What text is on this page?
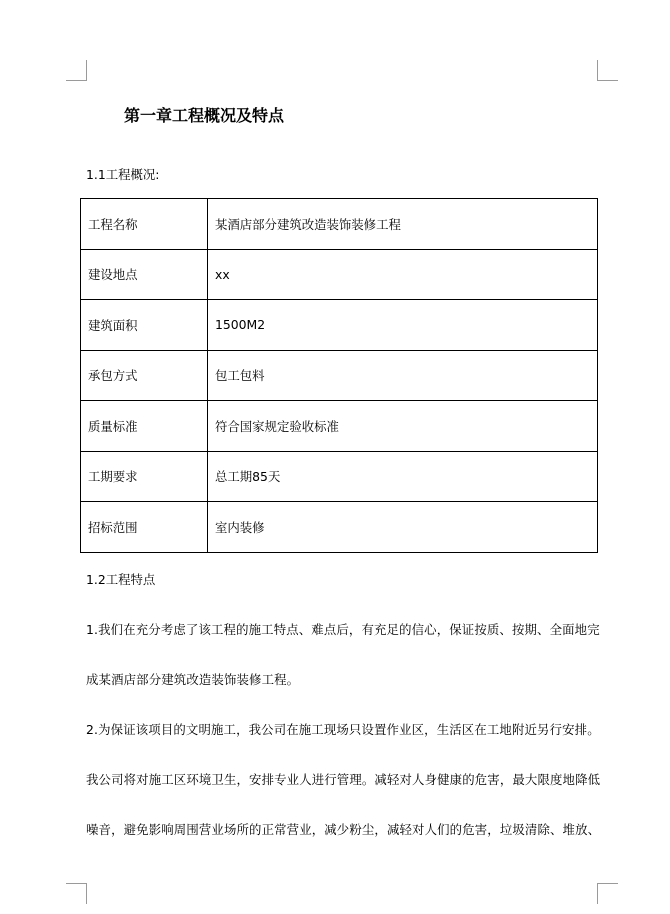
第一章工程概况及特点
1.1工程概况:
工程名称	某酒店部分建筑改造装饰装修工程
建设地点	xx
建筑面积	1500M2
承包方式	包工包料
质量标准	符合国家规定验收标准
工期要求	总工期85天
招标范围	室内装修
1.2工程特点
1.我们在充分考虑了该工程的施工特点、难点后，有充足的信心，保证按质、按期、全面地完
成某酒店部分建筑改造装饰装修工程。
2.为保证该项目的文明施工，我公司在施工现场只设置作业区，生活区在工地附近另行安排。
我公司将对施工区环境卫生，安排专业人进行管理。减轻对人身健康的危害，最大限度地降低
噪音，避免影响周围营业场所的正常营业，减少粉尘，减轻对人们的危害，垃圾清除、堆放、
